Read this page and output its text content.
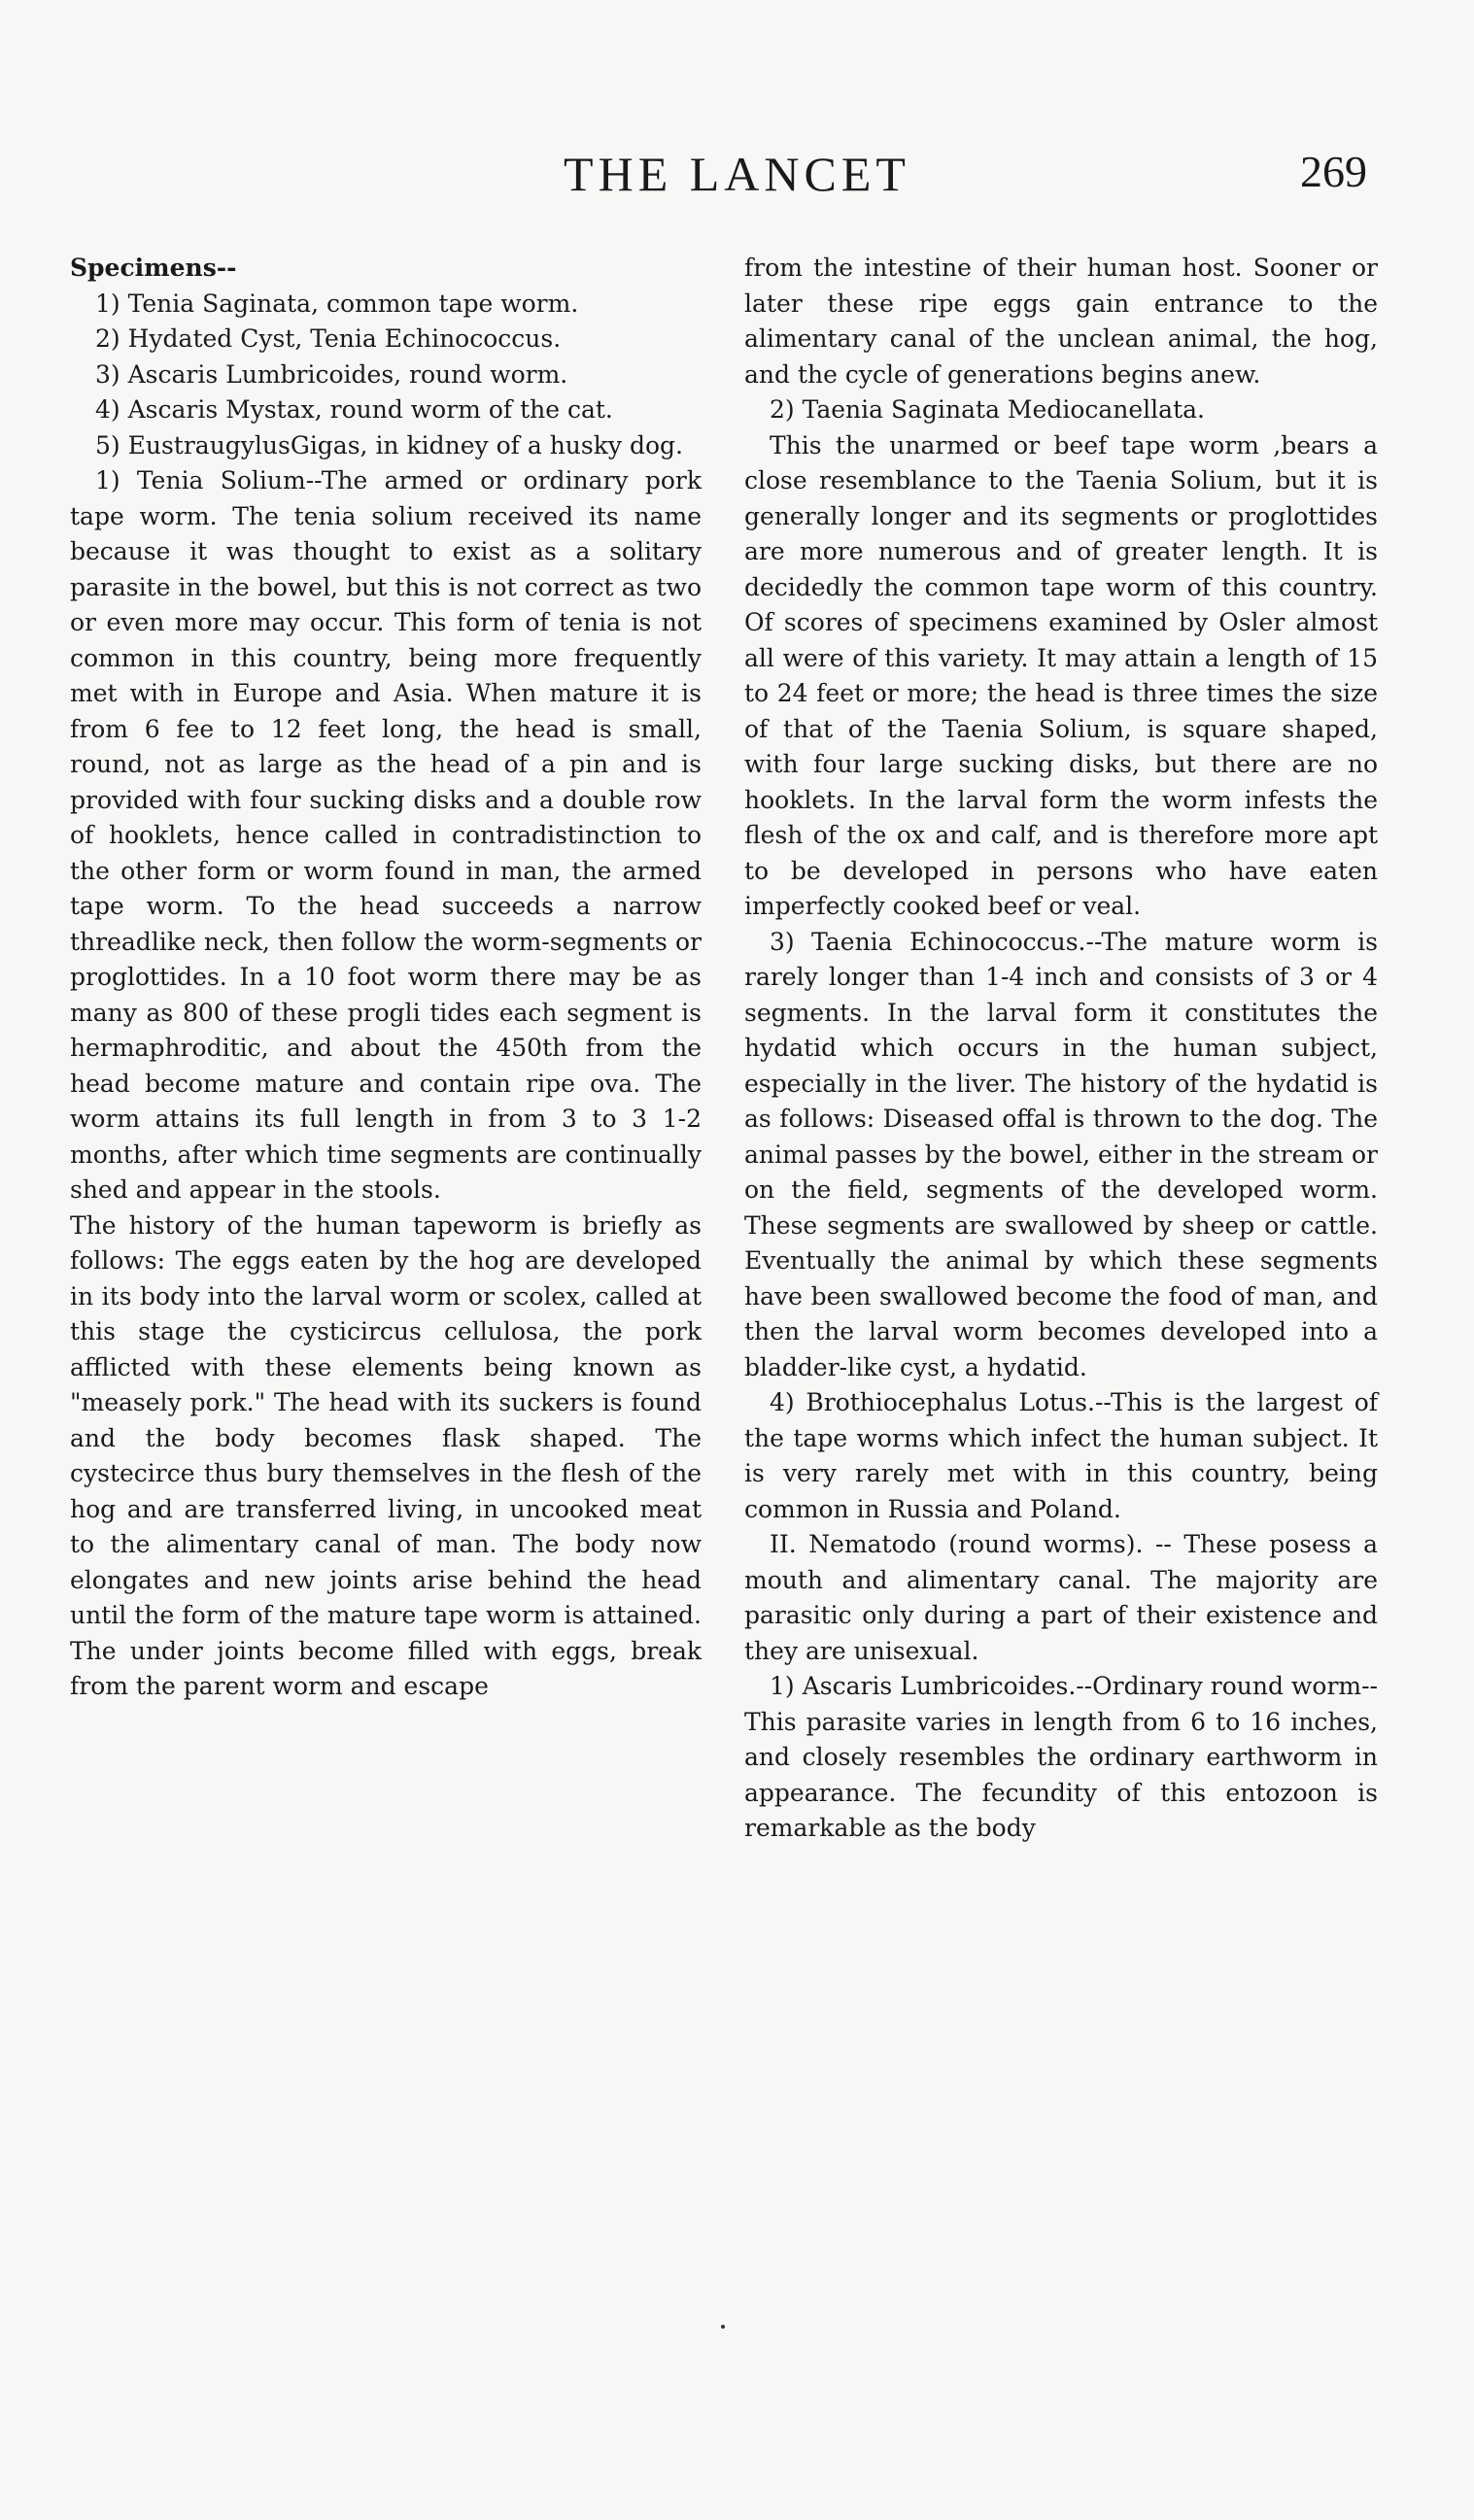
THE LANCET	269

Specimens--

1) Tenia Saginata, common tape worm.

2) Hydated Cyst, Tenia Echinococcus.

3) Ascaris Lumbricoides, round worm.

4) Ascaris Mystax, round worm of the cat.

5) EustraugylusGigas, in kidney of a husky dog.

1) Tenia Solium--The armed or ordinary pork tape worm. The tenia solium received its name because it was thought to exist as a solitary parasite in the bowel, but this is not correct as two or even more may occur. This form of tenia is not common in this country, being more frequently met with in Europe and Asia. When mature it is from 6 fee to 12 feet long, the head is small, round, not as large as the head of a pin and is provided with four sucking disks and a double row of hooklets, hence called in contradistinction to the other form or worm found in man, the armed tape worm. To the head succeeds a narrow threadlike neck, then follow the worm-segments or proglottides. In a 10 foot worm there may be as many as 800 of these progli tides each segment is hermaphroditic, and about the 450th from the head become mature and contain ripe ova. The worm attains its full length in from 3 to 3 1-2 months, after which time segments are continually shed and appear in the stools.

The history of the human tapeworm is briefly as follows: The eggs eaten by the hog are developed in its body into the larval worm or scolex, called at this stage the cysticircus cellulosa, the pork afflicted with these elements being known as "measely pork." The head with its suckers is found and the body becomes flask shaped. The cystecirce thus bury themselves in the flesh of the hog and are transferred living, in uncooked meat to the alimentary canal of man. The body now elongates and new joints arise behind the head until the form of the mature tape worm is attained. The under joints become filled with eggs, break from the parent worm and escape

from the intestine of their human host. Sooner or later these ripe eggs gain entrance to the alimentary canal of the unclean animal, the hog, and the cycle of generations begins anew.

2) Taenia Saginata Mediocanellata.

This the unarmed or beef tape worm ,bears a close resemblance to the Taenia Solium, but it is generally longer and its segments or proglottides are more numerous and of greater length. It is decidedly the common tape worm of this country. Of scores of specimens examined by Osler almost all were of this variety. It may attain a length of 15 to 24 feet or more; the head is three times the size of that of the Taenia Solium, is square shaped, with four large sucking disks, but there are no hooklets. In the larval form the worm infests the flesh of the ox and calf, and is therefore more apt to be developed in persons who have eaten imperfectly cooked beef or veal.

3) Taenia Echinococcus.--The mature worm is rarely longer than 1-4 inch and consists of 3 or 4 segments. In the larval form it constitutes the hydatid which occurs in the human subject, especially in the liver. The history of the hydatid is as follows: Diseased offal is thrown to the dog. The animal passes by the bowel, either in the stream or on the field, segments of the developed worm. These segments are swallowed by sheep or cattle. Eventually the animal by which these segments have been swallowed become the food of man, and then the larval worm becomes developed into a bladder-like cyst, a hydatid.

4) Brothiocephalus Lotus.--This is the largest of the tape worms which infect the human subject. It is very rarely met with in this country, being common in Russia and Poland.

II. Nematodo (round worms). -- These posess a mouth and alimentary canal. The majority are parasitic only during a part of their existence and they are unisexual.

1) Ascaris Lumbricoides.--Ordinary round worm--This parasite varies in length from 6 to 16 inches, and closely resembles the ordinary earthworm in appearance. The fecundity of this entozoon is remarkable as the body
